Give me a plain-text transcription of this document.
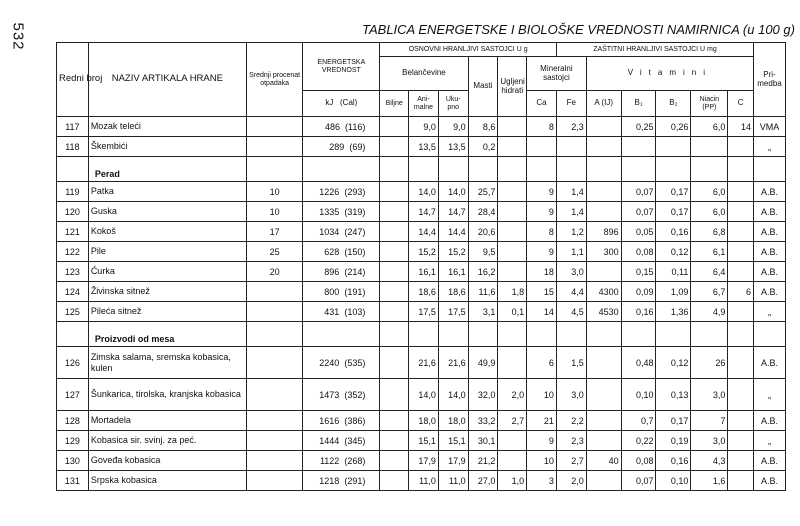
532	TABLICA ENERGETSKE I BIOLOŠKE VREDNOSTI NAMIRNICA (u 100 g)
Redni broj	NAZIV ARTIKALA HRANE	Srednji procenat otpadaka	ENERGETSKA VREDNOST	OSNOVNI HRANLJIVI SASTOJCI U g						ZAŠTITNI HRANLJIVI SASTOJCI U mg						Pri-medba
				Belančevine			Masti	Ugljeni hidrati	Mineralni sastojci		Vitamini					
			kJ (Cal)	Biljne	Ani-malne	Uku-pno			Ca	Fe	A (IJ)	B₁	B₂	Niacin (PP)	C	
117	Mozak teleći		486 (116)		9,0	9,0	8,6		8	2,3		0,25	0,26	6,0	14	VMA
118	Škembići		289 (69)		13,5	13,5	0,2									„
	Perad															
119	Patka	10	1226 (293)		14,0	14,0	25,7		9	1,4		0,07	0,17	6,0		A.B.
120	Guska	10	1335 (319)		14,7	14,7	28,4		9	1,4		0,07	0,17	6,0		A.B.
121	Kokoš	17	1034 (247)		14,4	14,4	20,6		8	1,2	896	0,05	0,16	6,8		A.B.
122	Pile	25	628 (150)		15,2	15,2	9,5		9	1,1	300	0,08	0,12	6,1		A.B.
123	Ćurka	20	896 (214)		16,1	16,1	16,2		18	3,0		0,15	0,11	6,4		A.B.
124	Živinska sitnež		800 (191)		18,6	18,6	11,6	1,8	15	4,4	4300	0,09	1,09	6,7	6	A.B.
125	Pileća sitnež		431 (103)		17,5	17,5	3,1	0,1	14	4,5	4530	0,16	1,36	4,9		„
	Proizvodi od mesa															
126	Zimska salama, sremska kobasica, kulen		2240 (535)		21,6	21,6	49,9		6	1,5		0,48	0,12	26		A.B.
127	Šunkarica, tirolska, kranjska kobasica		1473 (352)		14,0	14,0	32,0	2,0	10	3,0		0,10	0,13	3,0		„
128	Mortadela		1616 (386)		18,0	18,0	33,2	2,7	21	2,2		0,7	0,17	7		A.B.
129	Kobasica sir. svinj. za peć.		1444 (345)		15,1	15,1	30,1		9	2,3		0,22	0,19	3,0		„
130	Goveđa kobasica		1122 (268)		17,9	17,9	21,2		10	2,7	40	0,08	0,16	4,3		A.B.
131	Srpska kobasica		1218 (291)		11,0	11,0	27,0	1,0	3	2,0		0,07	0,10	1,6		A.B.
